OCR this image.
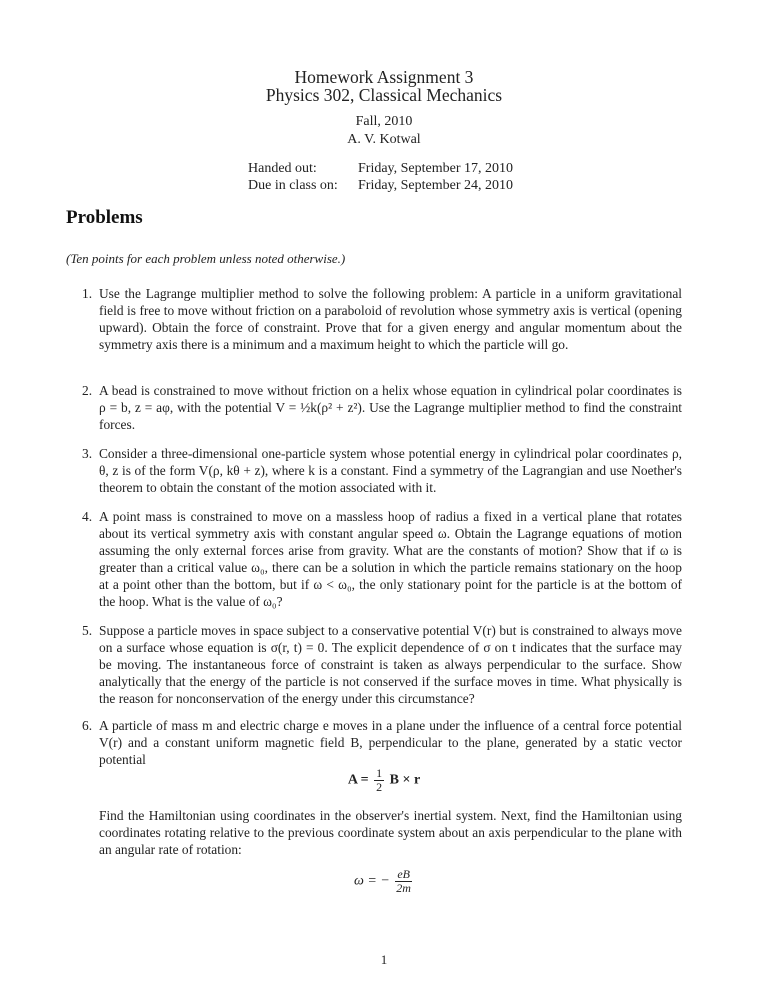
Homework Assignment 3
Physics 302, Classical Mechanics
Fall, 2010
A. V. Kotwal
Handed out:	Friday, September 17, 2010
Due in class on:	Friday, September 24, 2010
Problems
(Ten points for each problem unless noted otherwise.)
1. Use the Lagrange multiplier method to solve the following problem: A particle in a uniform gravitational field is free to move without friction on a paraboloid of revolution whose symmetry axis is vertical (opening upward). Obtain the force of constraint. Prove that for a given energy and angular momentum about the symmetry axis there is a minimum and a maximum height to which the particle will go.
2. A bead is constrained to move without friction on a helix whose equation in cylindrical polar coordinates is ρ = b, z = aφ, with the potential V = ½k(ρ² + z²). Use the Lagrange multiplier method to find the constraint forces.
3. Consider a three-dimensional one-particle system whose potential energy in cylindrical polar coordinates ρ, θ, z is of the form V(ρ, kθ + z), where k is a constant. Find a symmetry of the Lagrangian and use Noether's theorem to obtain the constant of the motion associated with it.
4. A point mass is constrained to move on a massless hoop of radius a fixed in a vertical plane that rotates about its vertical symmetry axis with constant angular speed ω. Obtain the Lagrange equations of motion assuming the only external forces arise from gravity. What are the constants of motion? Show that if ω is greater than a critical value ω₀, there can be a solution in which the particle remains stationary on the hoop at a point other than the bottom, but if ω < ω₀, the only stationary point for the particle is at the bottom of the hoop. What is the value of ω₀?
5. Suppose a particle moves in space subject to a conservative potential V(r) but is constrained to always move on a surface whose equation is σ(r, t) = 0. The explicit dependence of σ on t indicates that the surface may be moving. The instantaneous force of constraint is taken as always perpendicular to the surface. Show analytically that the energy of the particle is not conserved if the surface moves in time. What physically is the reason for nonconservation of the energy under this circumstance?
6. A particle of mass m and electric charge e moves in a plane under the influence of a central force potential V(r) and a constant uniform magnetic field B, perpendicular to the plane, generated by a static vector potential
$A = \frac{1}{2}$ B × r
Find the Hamiltonian using coordinates in the observer's inertial system. Next, find the Hamiltonian using coordinates rotating relative to the previous coordinate system about an axis perpendicular to the plane with an angular rate of rotation:
ω = − $\frac{eB}{2m}$
1
